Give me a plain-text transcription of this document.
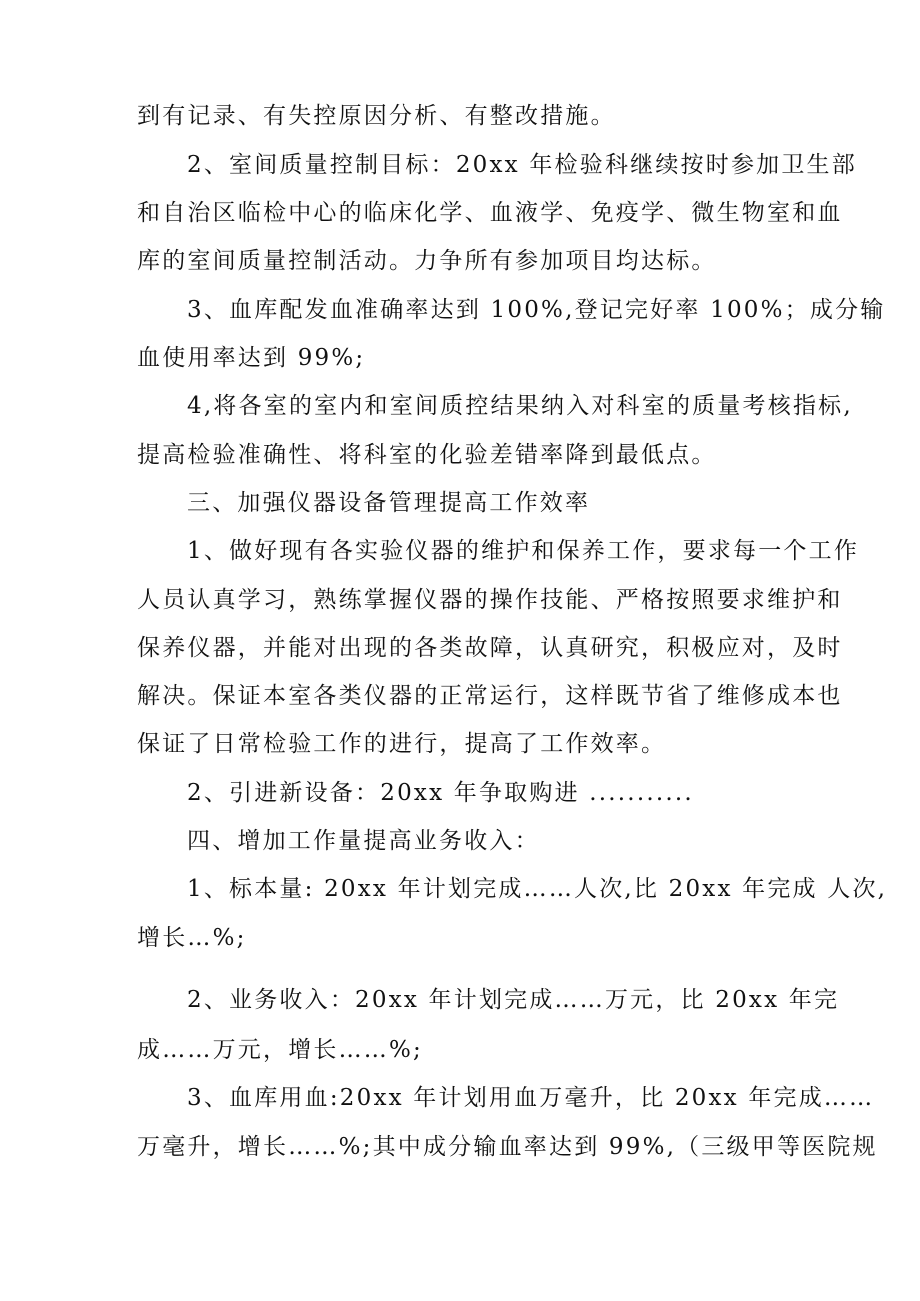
到有记录、有失控原因分析、有整改措施。
2、室间质量控制目标：20xx 年检验科继续按时参加卫生部
和自治区临检中心的临床化学、血液学、免疫学、微生物室和血
库的室间质量控制活动。力争所有参加项目均达标。
3、血库配发血准确率达到 100%,登记完好率 100%；成分输
血使用率达到 99%;
4,将各室的室内和室间质控结果纳入对科室的质量考核指标,
提高检验准确性、将科室的化验差错率降到最低点。
三、加强仪器设备管理提高工作效率
1、做好现有各实验仪器的维护和保养工作，要求每一个工作
人员认真学习，熟练掌握仪器的操作技能、严格按照要求维护和
保养仪器，并能对出现的各类故障，认真研究，积极应对，及时
解决。保证本室各类仪器的正常运行，这样既节省了维修成本也
保证了日常检验工作的进行，提高了工作效率。
2、引进新设备：20xx 年争取购进 ...........
四、增加工作量提高业务收入：
1、标本量: 20xx 年计划完成……人次,比 20xx 年完成 人次,
增长…%;
2、业务收入：20xx 年计划完成……万元，比 20xx 年完
成……万元，增长……%;
3、血库用血:20xx 年计划用血万毫升，比 20xx 年完成……
万毫升，增长……%;其中成分输血率达到 99%,（三级甲等医院规
